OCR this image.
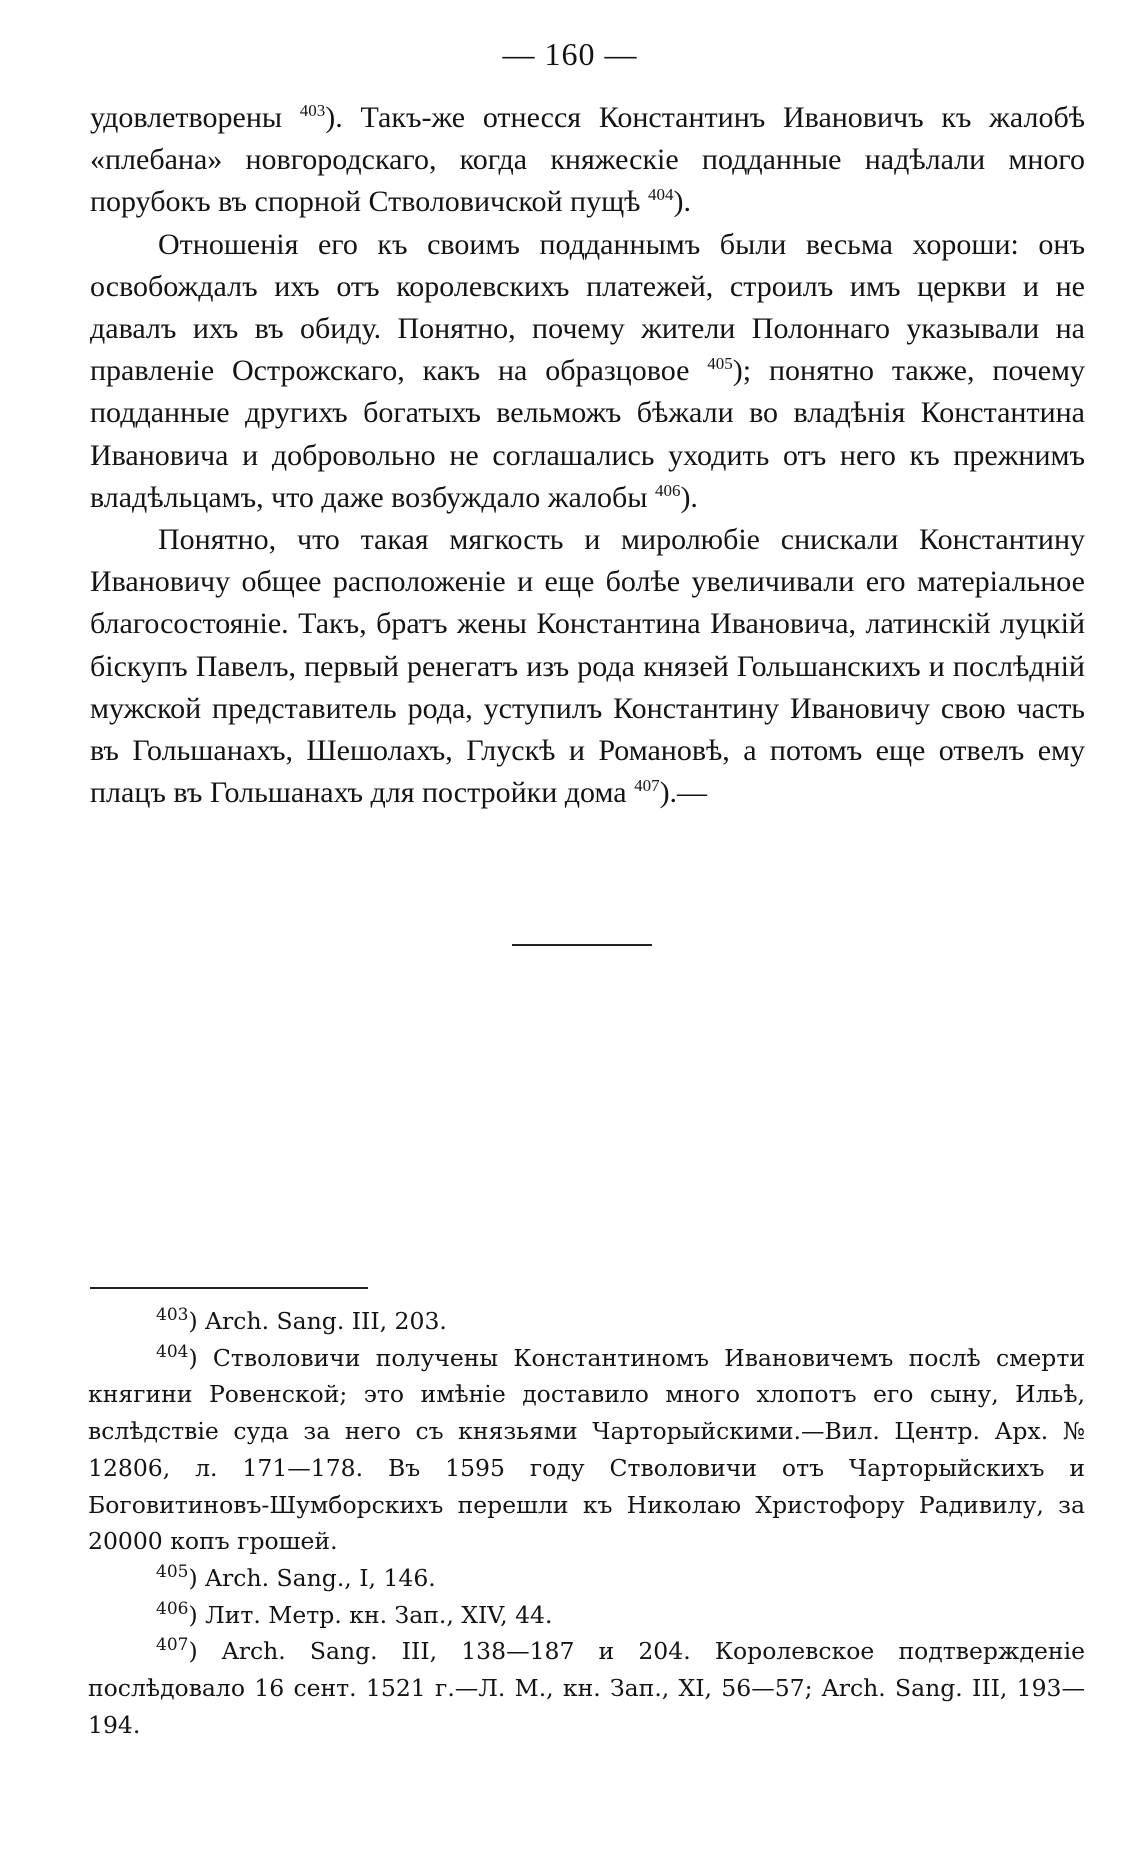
— 160 —

удовлетворены $^{403}$). Такъ-же отнесся Константинъ Ивановичъ къ жалобѣ «плебана» новгородскаго, когда княжескіе подданные надѣлали много порубокъ въ спорной Стволовичской пущѣ $^{404}$).

Отношенія его къ своимъ подданнымъ были весьма хороши: онъ освобождалъ ихъ отъ королевскихъ платежей, строилъ имъ церкви и не давалъ ихъ въ обиду. Понятно, почему жители Полоннаго указывали на правленіе Острожскаго, какъ на образцовое $^{405}$); понятно также, почему подданные другихъ богатыхъ вельможъ бѣжали во владѣнія Константина Ивановича и добровольно не соглашались уходить отъ него къ прежнимъ владѣльцамъ, что даже возбуждало жалобы $^{406}$).

Понятно, что такая мягкость и миролюбіе снискали Константину Ивановичу общее расположеніе и еще болѣе увеличивали его матеріальное благосостояніе. Такъ, братъ жены Константина Ивановича, латинскій луцкій біскупъ Павелъ, первый ренегатъ изъ рода князей Гольшанскихъ и послѣдній мужской представитель рода, уступилъ Константину Ивановичу свою часть въ Гольшанахъ, Шешолахъ, Глускѣ и Романовѣ, а потомъ еще отвелъ ему плацъ въ Гольшанахъ для постройки дома $^{407}$).—

$^{403}$) Arch. Sang. III, 203.

$^{404}$) Стволовичи получены Константиномъ Ивановичемъ послѣ смерти княгини Ровенской; это имѣніе доставило много хлопотъ его сыну, Ильѣ, вслѣдствіе суда за него съ князьями Чарторыйскими.—Вил. Центр. Арх. № 12806, л. 171—178. Въ 1595 году Стволовичи отъ Чарторыйскихъ и Боговитиновъ-Шумборскихъ перешли къ Николаю Христофору Радивилу, за 20000 копъ грошей.

$^{405}$) Arch. Sang., I, 146.

$^{406}$) Лит. Метр. кн. Зап., XIV, 44.

$^{407}$) Arch. Sang. III, 138—187 и 204. Королевское подтвержденіе послѣдовало 16 сент. 1521 г.—Л. М., кн. Зап., XI, 56—57; Arch. Sang. III, 193—194.
